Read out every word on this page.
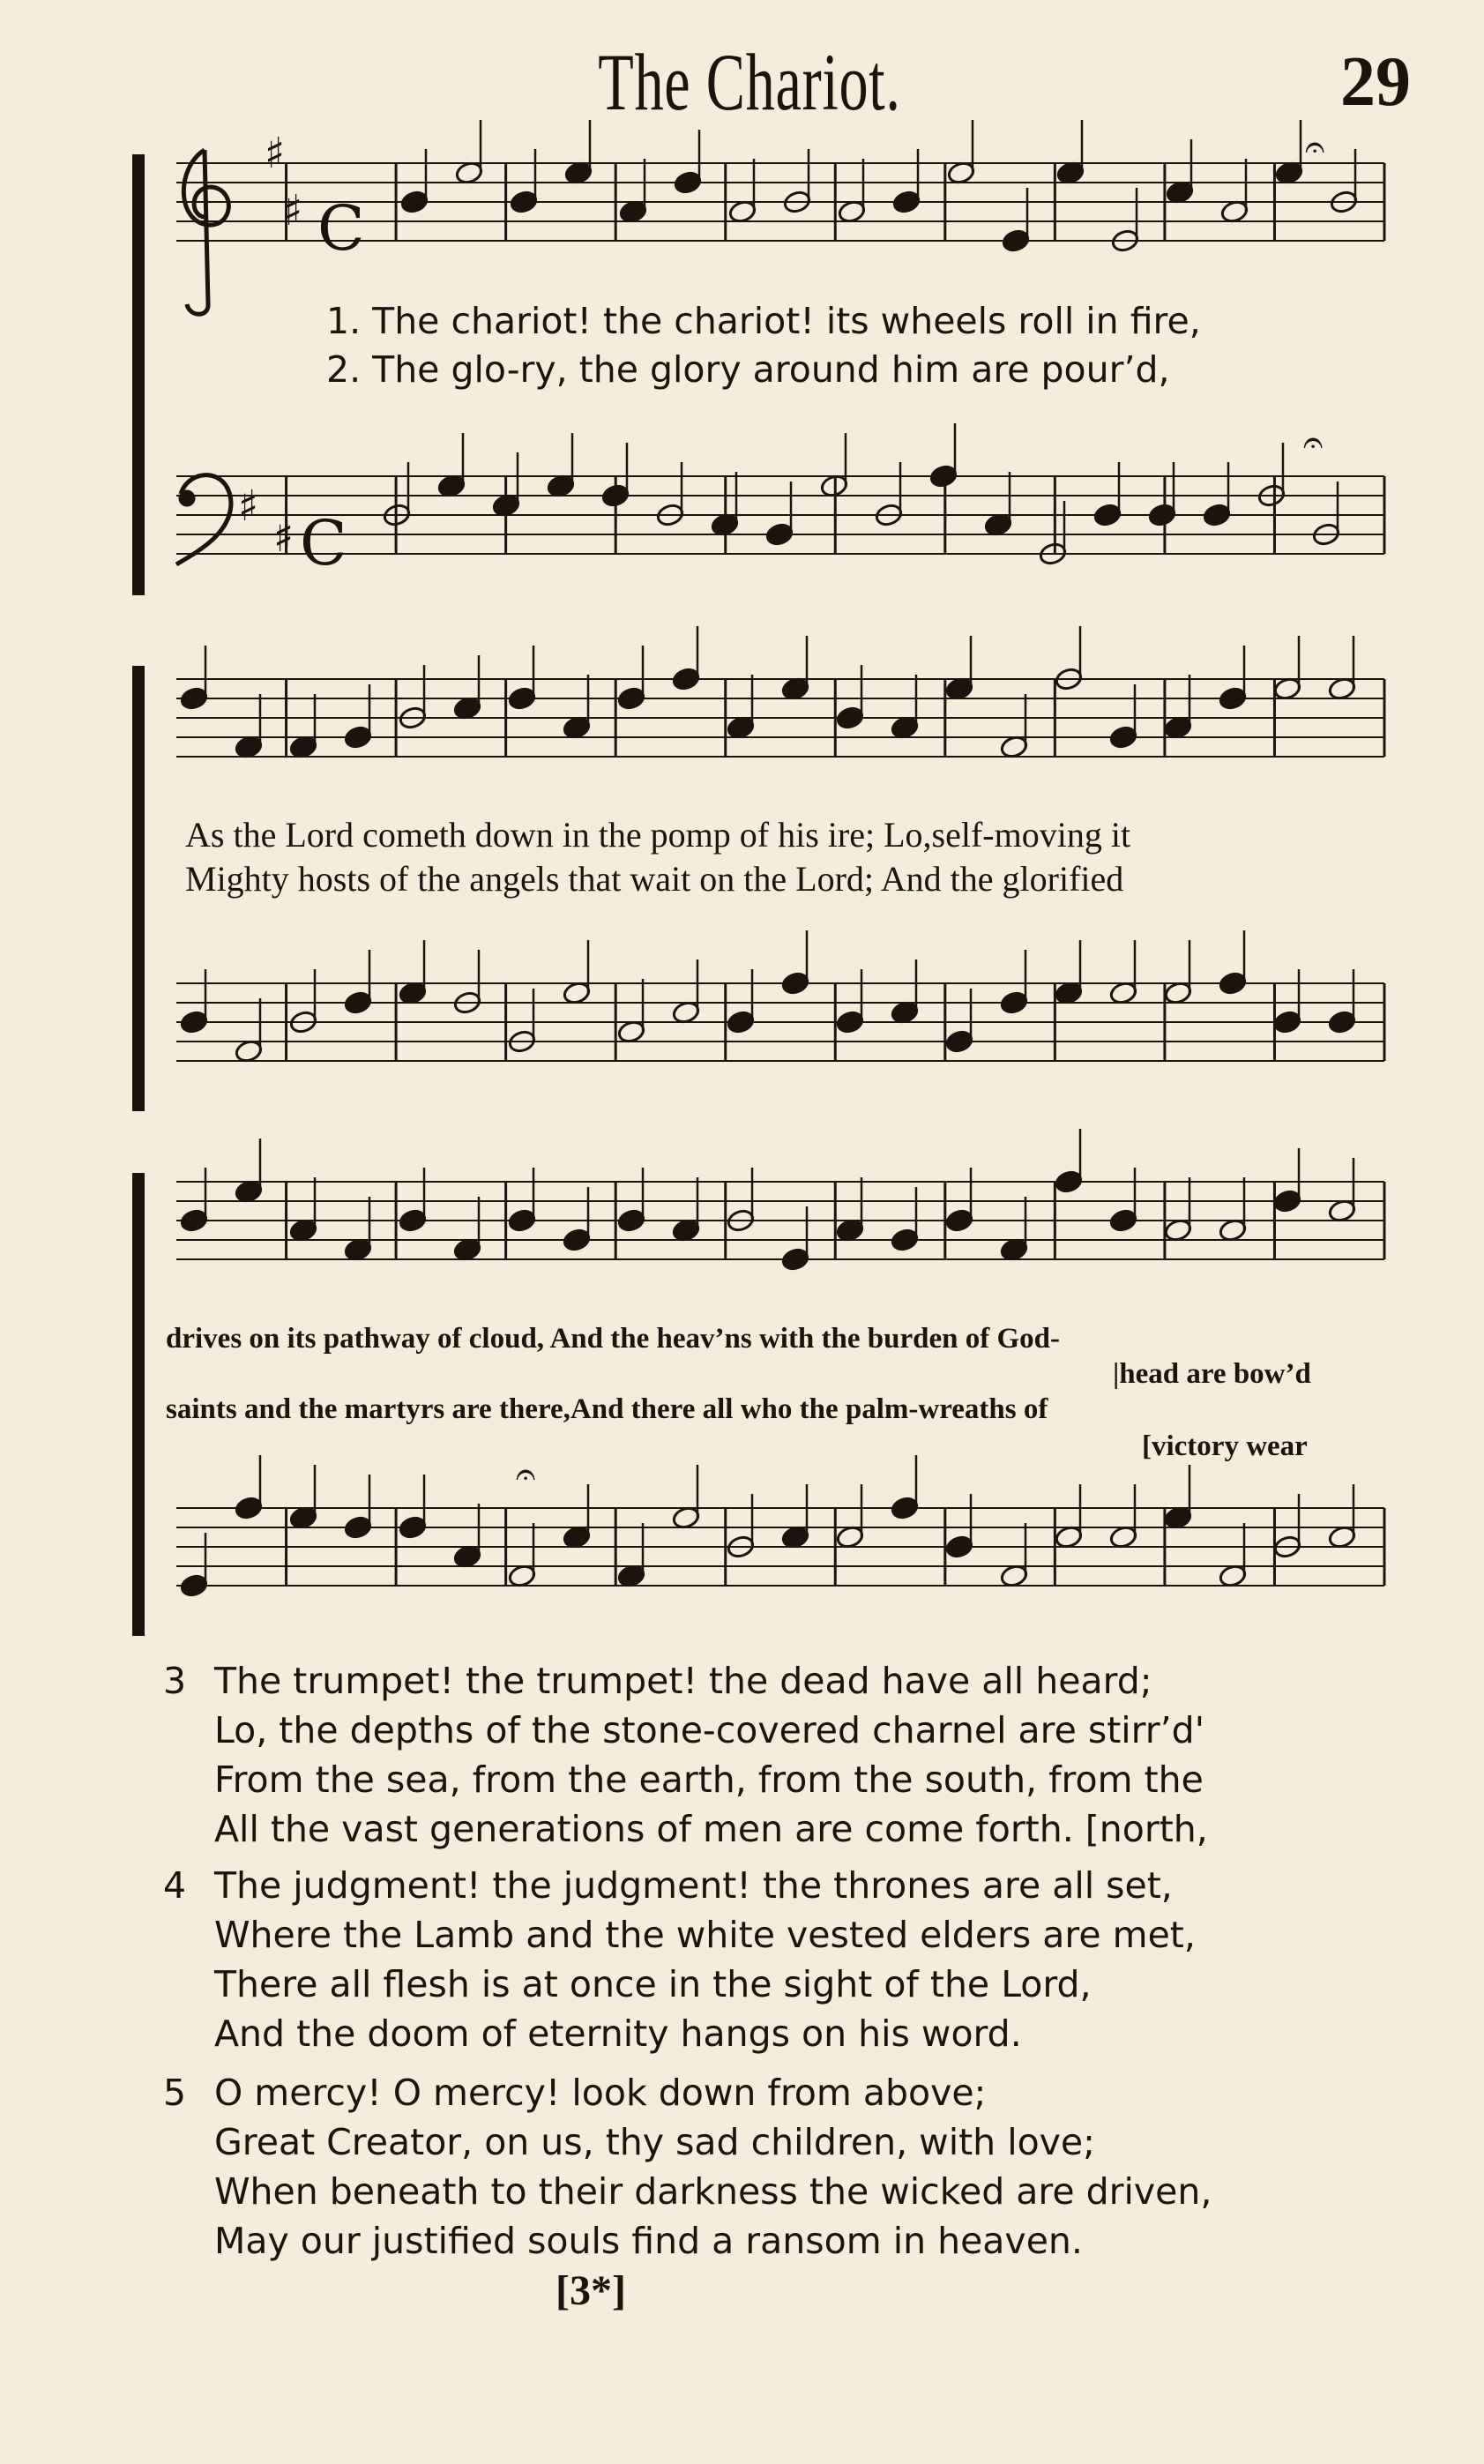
The Chariot.	29
♯
♯ C
♯
♯ C
𝄐
𝄐
𝄐
1. The chariot! the chariot! its wheels roll in fire,
2. The glo-ry, the glory around him are pour’d,
As the Lord cometh down in the pomp of his ire; Lo,self-moving it
Mighty hosts of the angels that wait on the Lord; And the glorified
drives on its pathway of cloud, And the heav’ns with the burden of God-
|head are bow’d
saints and the martyrs are there,And there all who the palm-wreaths of
[victory wear
3 The trumpet! the trumpet! the dead have all heard;
Lo, the depths of the stone-covered charnel are stirr’d'
From the sea, from the earth, from the south, from the
All the vast generations of men are come forth. [north,
4 The judgment! the judgment! the thrones are all set,
Where the Lamb and the white vested elders are met,
There all flesh is at once in the sight of the Lord,
And the doom of eternity hangs on his word.
5 O mercy! O mercy! look down from above;
Great Creator, on us, thy sad children, with love;
When beneath to their darkness the wicked are driven,
May our justified souls find a ransom in heaven.
[3*]
